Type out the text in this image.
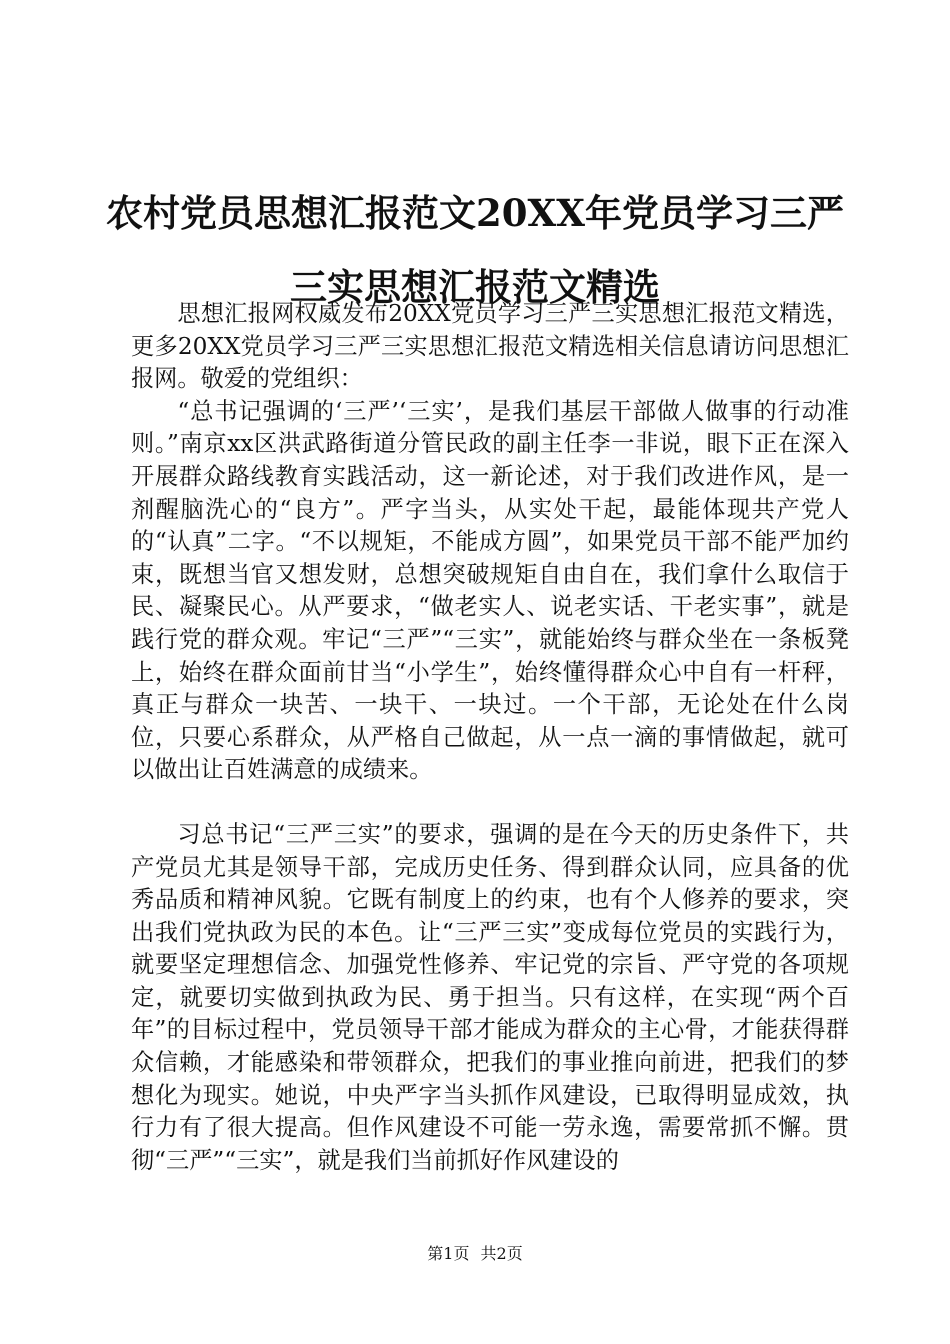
农村党员思想汇报范文20XX年党员学习三严
三实思想汇报范文精选

思想汇报网权威发布20XX党员学习三严三实思想汇报范文精选，更多20XX党员学习三严三实思想汇报范文精选相关信息请访问思想汇报网。敬爱的党组织：

“总书记强调的‘三严’‘三实’，是我们基层干部做人做事的行动准则。”南京xx区洪武路街道分管民政的副主任李一非说，眼下正在深入开展群众路线教育实践活动，这一新论述，对于我们改进作风，是一剂醒脑洗心的“良方”。严字当头，从实处干起，最能体现共产党人的“认真”二字。“不以规矩，不能成方圆”，如果党员干部不能严加约束，既想当官又想发财，总想突破规矩自由自在，我们拿什么取信于民、凝聚民心。从严要求，“做老实人、说老实话、干老实事”，就是践行党的群众观。牢记“三严”“三实”，就能始终与群众坐在一条板凳上，始终在群众面前甘当“小学生”，始终懂得群众心中自有一杆秤，真正与群众一块苦、一块干、一块过。一个干部，无论处在什么岗位，只要心系群众，从严格自己做起，从一点一滴的事情做起，就可以做出让百姓满意的成绩来。

习总书记“三严三实”的要求，强调的是在今天的历史条件下，共产党员尤其是领导干部，完成历史任务、得到群众认同，应具备的优秀品质和精神风貌。它既有制度上的约束，也有个人修养的要求，突出我们党执政为民的本色。让“三严三实”变成每位党员的实践行为，就要坚定理想信念、加强党性修养、牢记党的宗旨、严守党的各项规定，就要切实做到执政为民、勇于担当。只有这样，在实现“两个百年”的目标过程中，党员领导干部才能成为群众的主心骨，才能获得群众信赖，才能感染和带领群众，把我们的事业推向前进，把我们的梦想化为现实。她说，中央严字当头抓作风建设，已取得明显成效，执行力有了很大提高。但作风建设不可能一劳永逸，需要常抓不懈。贯彻“三严”“三实”，就是我们当前抓好作风建设的

第1页 共2页
